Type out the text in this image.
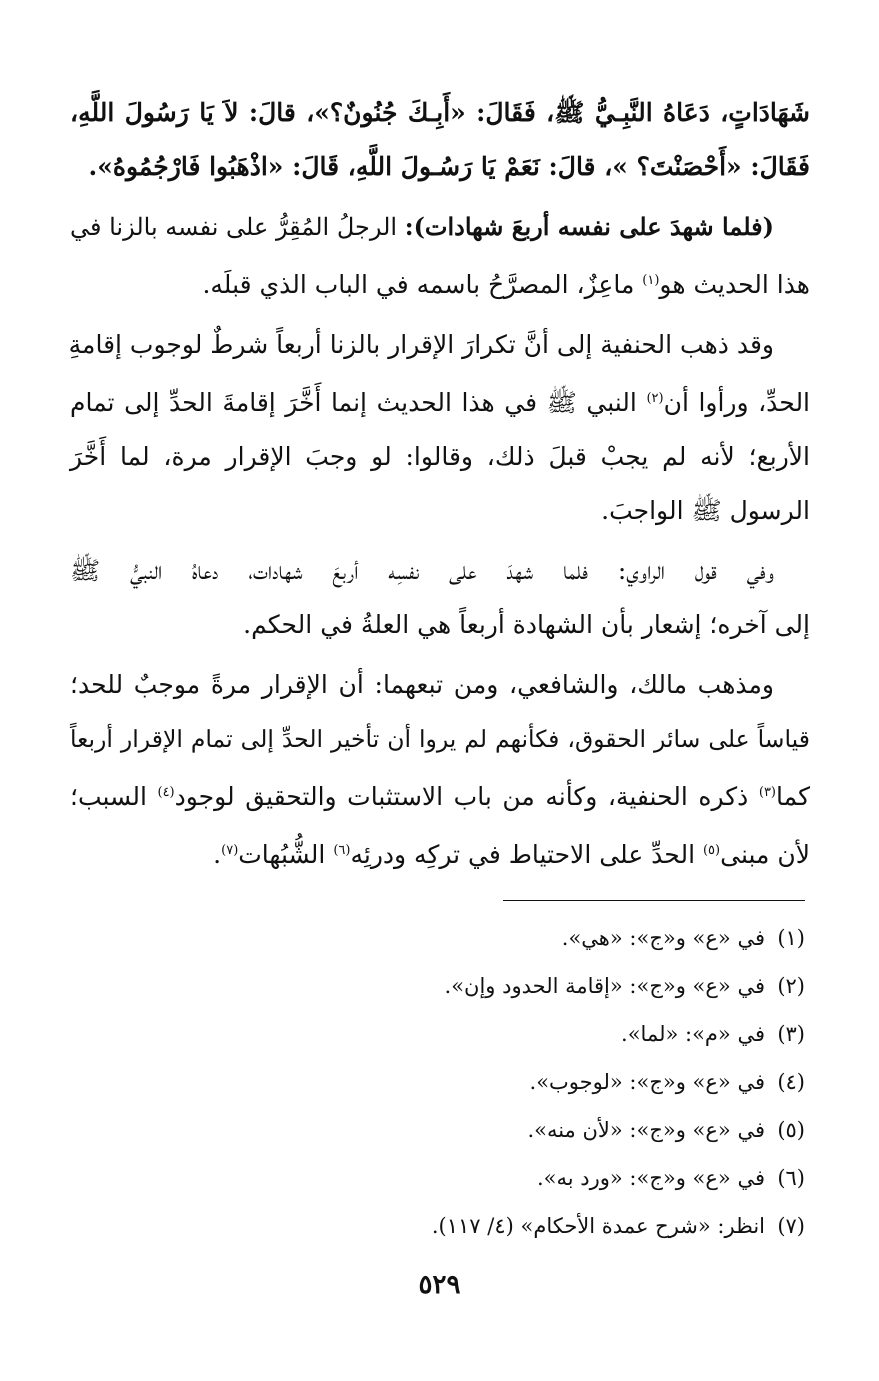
شَهَادَاتٍ، دَعَاهُ النَّبِـيُّ ﷺ، فَقَالَ: «أَبِـكَ جُنُونٌ؟»، قالَ: لاَ يَا رَسُولَ اللَّهِ،
فَقَالَ: «أَحْصَنْتَ؟ »، قالَ: نَعَمْ يَا رَسُـولَ اللَّهِ، قَالَ: «اذْهَبُوا فَارْجُمُوهُ».
(فلما شهدَ على نفسه أربعَ شهادات): الرجلُ المُقِرُّ على نفسه بالزنا في
هذا الحديث هو$^{(١)}$ ماعِزٌ، المصرَّحُ باسمه في الباب الذي قبلَه.
وقد ذهب الحنفية إلى أنَّ تكرارَ الإقرار بالزنا أربعاً شرطٌ لوجوب إقامةِ
الحدِّ، ورأوا أن$^{(٢)}$ النبي ﷺ في هذا الحديث إنما أَخَّرَ إقامةَ الحدِّ إلى تمام
الأربع؛ لأنه لم يجبْ قبلَ ذلك، وقالوا: لو وجبَ الإقرار مرة، لما أَخَّرَ
الرسول ﷺ الواجبَ.
وفي قول الراوي: فلما شهدَ على نفسِه أربعَ شهادات، دعاهُ النبيُّ ﷺ
إلى آخره؛ إشعار بأن الشهادة أربعاً هي العلةُ في الحكم.
ومذهب مالك، والشافعي، ومن تبعهما: أن الإقرار مرةً موجبٌ للحد؛
قياساً على سائر الحقوق، فكأنهم لم يروا أن تأخير الحدِّ إلى تمام الإقرار أربعاً
كما$^{(٣)}$ ذكره الحنفية، وكأنه من باب الاستثبات والتحقيق لوجود$^{(٤)}$ السبب؛
لأن مبنى$^{(٥)}$ الحدِّ على الاحتياط في تركِه ودرئِه$^{(٦)}$ الشُّبُهات$^{(٧)}$.
(١)في «ع» و«ج»: «هي».
(٢)في «ع» و«ج»: «إقامة الحدود وإن».
(٣)في «م»: «لما».
(٤)في «ع» و«ج»: «لوجوب».
(٥)في «ع» و«ج»: «لأن منه».
(٦)في «ع» و«ج»: «ورد به».
(٧)انظر: «شرح عمدة الأحكام» (٤/ ١١٧).
٥٢٩
